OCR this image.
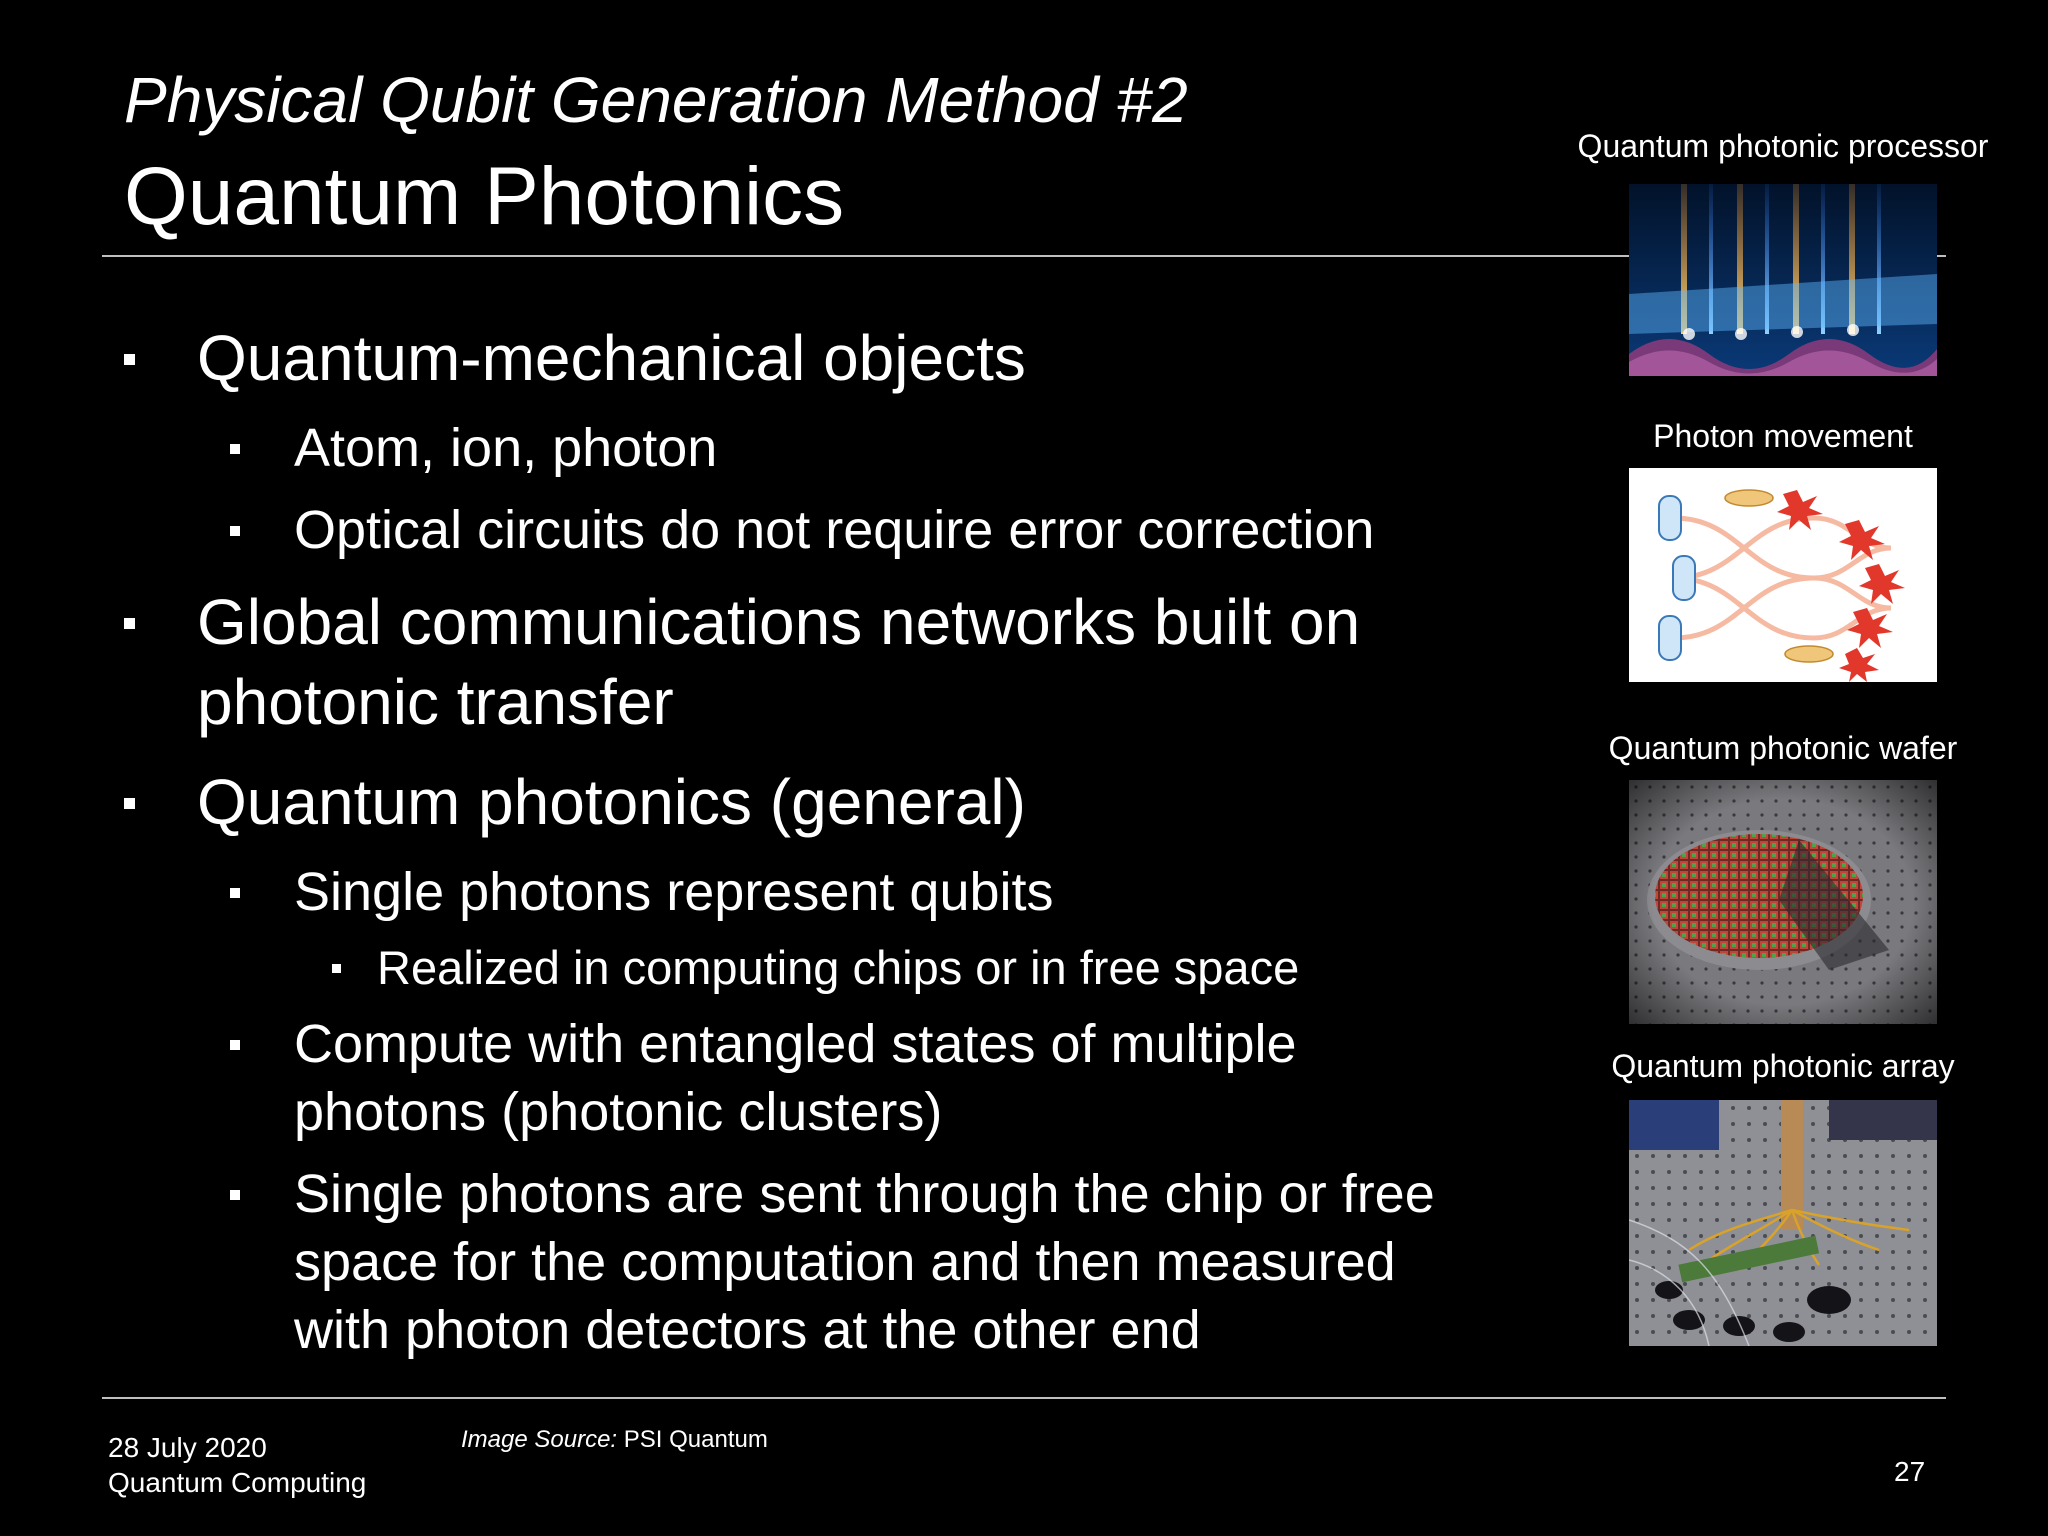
Physical Qubit Generation Method #2
Quantum Photonics
Quantum-mechanical objects
Atom, ion, photon
Optical circuits do not require error correction
Global communications networks built on
photonic transfer
Quantum photonics (general)
Single photons represent qubits
Realized in computing chips or in free space
Compute with entangled states of multiple
photons (photonic clusters)
Single photons are sent through the chip or free
space for the computation and then measured
with photon detectors at the other end
Quantum photonic processor
Photon movement
Quantum photonic wafer
Quantum photonic array
28 July 2020
Quantum Computing
Image Source: PSI Quantum
27
